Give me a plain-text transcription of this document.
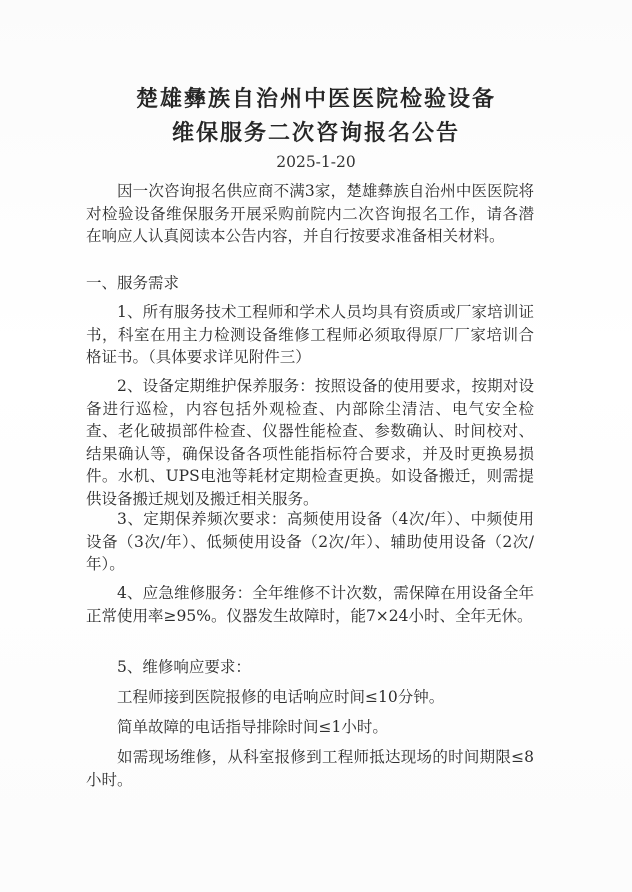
楚雄彝族自治州中医医院检验设备
维保服务二次咨询报名公告
2025-1-20

因一次咨询报名供应商不满3家，楚雄彝族自治州中医医院将对检验设备维保服务开展采购前院内二次咨询报名工作，请各潜在响应人认真阅读本公告内容，并自行按要求准备相关材料。

一、服务需求

1、所有服务技术工程师和学术人员均具有资质或厂家培训证书，科室在用主力检测设备维修工程师必须取得原厂厂家培训合格证书。（具体要求详见附件三）

2、设备定期维护保养服务：按照设备的使用要求，按期对设备进行巡检，内容包括外观检查、内部除尘清洁、电气安全检查、老化破损部件检查、仪器性能检查、参数确认、时间校对、结果确认等，确保设备各项性能指标符合要求，并及时更换易损件。水机、UPS电池等耗材定期检查更换。如设备搬迁，则需提供设备搬迁规划及搬迁相关服务。

3、定期保养频次要求：高频使用设备（4次/年）、中频使用设备（3次/年）、低频使用设备（2次/年）、辅助使用设备（2次/年）。

4、应急维修服务：全年维修不计次数，需保障在用设备全年正常使用率≥95%。仪器发生故障时，能7×24小时、全年无休。

5、维修响应要求：

工程师接到医院报修的电话响应时间≤10分钟。

简单故障的电话指导排除时间≤1小时。

如需现场维修，从科室报修到工程师抵达现场的时间期限≤8小时。
